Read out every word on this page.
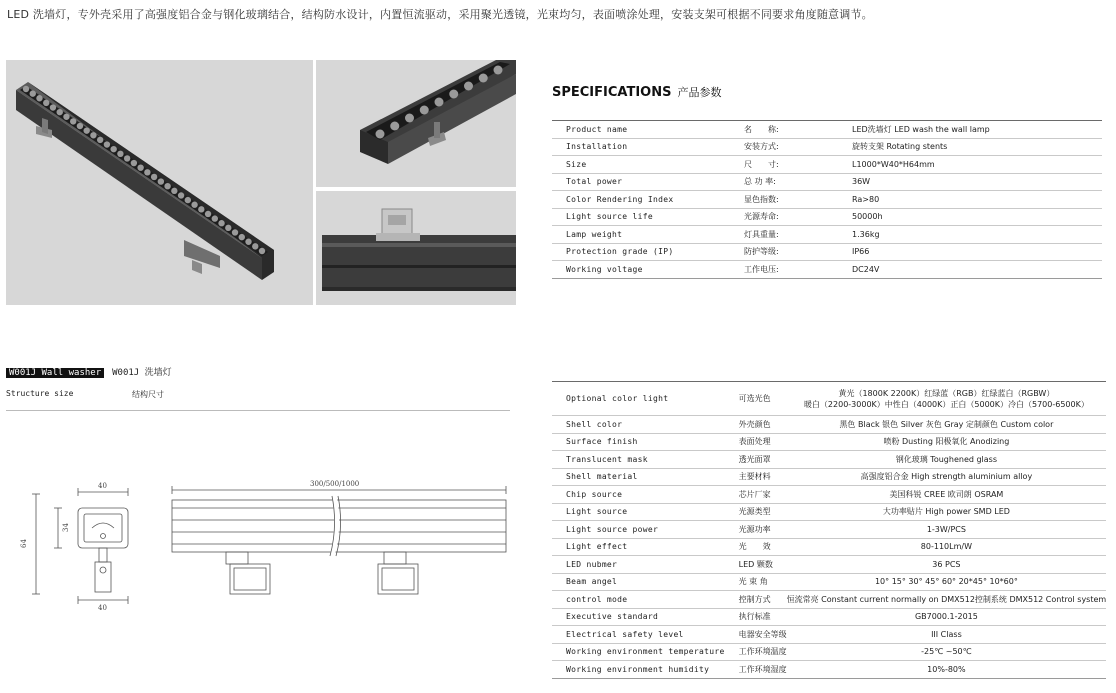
LED 洗墙灯，专外壳采用了高强度铝合金与钢化玻璃结合，结构防水设计，内置恒流驱动，采用聚光透镜，光束均匀，表面喷涂处理，安装支架可根据不同要求角度随意调节。
SPECIFICATIONS 产品参数
Product name	名　　称:	LED洗墙灯 LED wash the wall lamp
Installation	安装方式:	旋转支架 Rotating stents
Size	尺　　寸:	L1000*W40*H64mm
Total power	总 功 率:	36W
Color Rendering Index	显色指数:	Ra>80
Light source life	光源寿命:	50000h
Lamp weight	灯具重量:	1.36kg
Protection grade (IP)	防护等级:	IP66
Working voltage	工作电压:	DC24V
W001J Wall washer W001J 洗墙灯
Structure size	结构尺寸
40
40
64
34
300/500/1000
Optional color light	可选光色	黄光（1800K 2200K）红绿蓝（RGB）红绿蓝白（RGBW）
暖白（2200-3000K）中性白（4000K）正白（5000K）冷白（5700-6500K）

Shell color	外壳颜色	黑色 Black 银色 Silver 灰色 Gray 定制颜色 Custom color
Surface finish	表面处理	喷粉 Dusting 阳极氧化 Anodizing
Translucent mask	透光面罩	钢化玻璃 Toughened glass
Shell material	主要材料	高强度铝合金 High strength aluminium alloy
Chip source	芯片厂家	美国科锐 CREE 欧司朗 OSRAM
Light source	光源类型	大功率贴片 High power SMD LED
Light source power	光源功率	1-3W/PCS
Light effect	光　　效	80-110Lm/W
LED nubmer	LED 颗数	36 PCS
Beam angel	光 束 角	10° 15° 30° 45° 60° 20*45° 10*60°
control mode	控制方式	恒流常亮 Constant current normally on DMX512控制系统 DMX512 Control system
Executive standard	执行标准	GB7000.1-2015
Electrical safety level	电器安全等级	III Class
Working environment temperature	工作环境温度	-25℃ ~50℃
Working environment humidity	工作环境湿度	10%-80%
